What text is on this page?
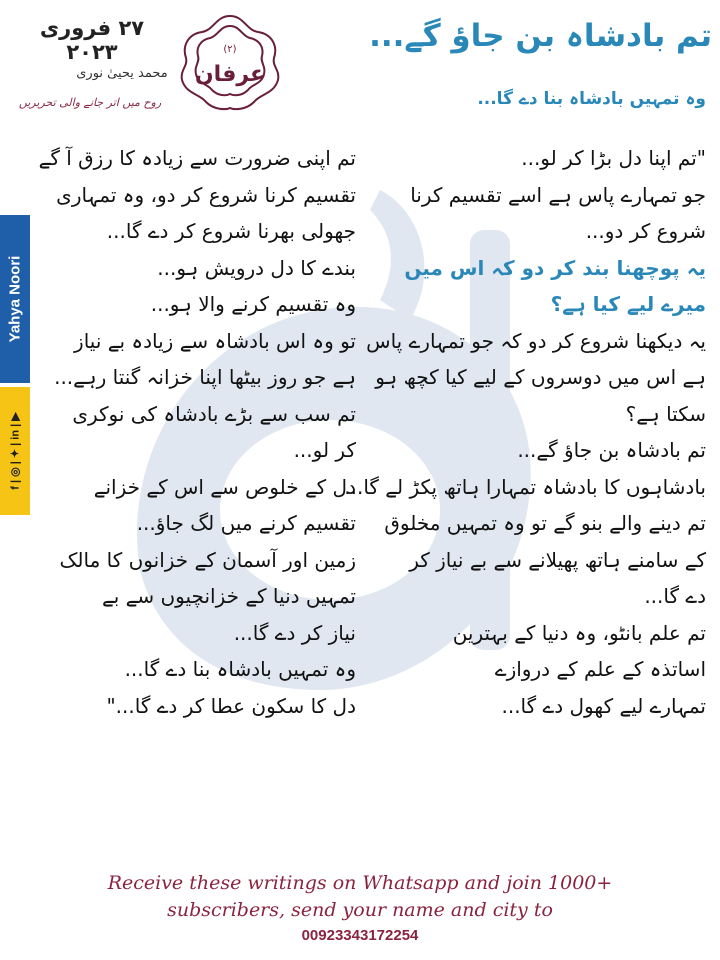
۲۷ فروری ۲۰۲۳	(۲)
عرفان
محمد یحییٰ نوری
روح میں اتر جانے والی تحریریں
تم بادشاہ بن جاؤ گے...
وہ تمہیں بادشاہ بنا دے گا...
Yahya Noori
f | ◎ | ✦ | in | ▶
"تم اپنا دل بڑا کر لو...
جو تمہارے پاس ہے اسے تقسیم کرنا
شروع کر دو...
یہ پوچھنا بند کر دو کہ اس میں
میرے لیے کیا ہے؟
یہ دیکھنا شروع کر دو کہ جو تمہارے پاس
ہے اس میں دوسروں کے لیے کیا کچھ ہو
سکتا ہے؟
تم بادشاہ بن جاؤ گے...
بادشاہوں کا بادشاہ تمہارا ہاتھ پکڑ لے گا...
تم دینے والے بنو گے تو وہ تمہیں مخلوق
کے سامنے ہاتھ پھیلانے سے بے نیاز کر
دے گا...
تم علم بانٹو، وہ دنیا کے بہترین
اساتذہ کے علم کے دروازے
تمہارے لیے کھول دے گا...
تم اپنی ضرورت سے زیادہ کا رزق آ گے
تقسیم کرنا شروع کر دو، وہ تمہاری
جھولی بھرنا شروع کر دے گا...
بندے کا دل درویش ہو...
وہ تقسیم کرنے والا ہو...
تو وہ اس بادشاہ سے زیادہ بے نیاز
ہے جو روز بیٹھا اپنا خزانہ گنتا رہے...
تم سب سے بڑے بادشاہ کی نوکری
کر لو...
دل کے خلوص سے اس کے خزانے
تقسیم کرنے میں لگ جاؤ...
زمین اور آسمان کے خزانوں کا مالک
تمہیں دنیا کے خزانچیوں سے بے
نیاز کر دے گا...
وہ تمہیں بادشاہ بنا دے گا...
دل کا سکون عطا کر دے گا..."
Receive these writings on Whatsapp and join 1000+
subscribers, send your name and city to
00923343172254
